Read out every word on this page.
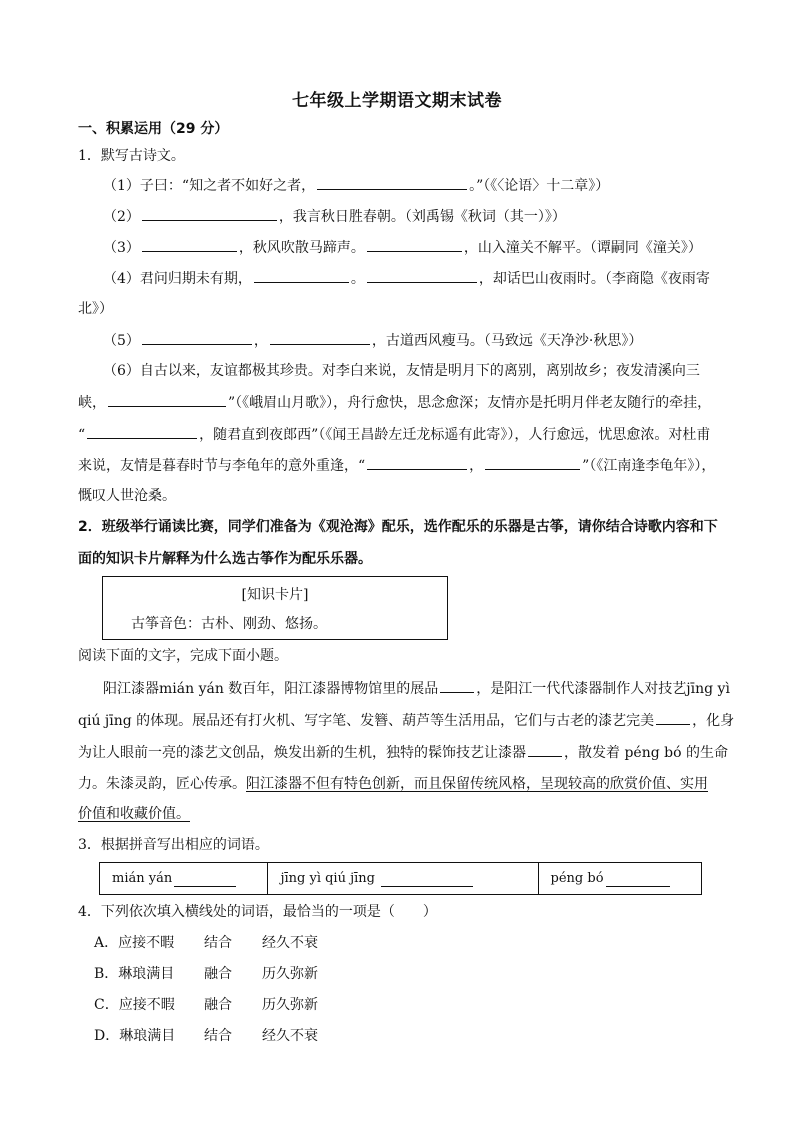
七年级上学期语文期末试卷
一、积累运用（29 分）
1．默写古诗文。
（1）子曰：“知之者不如好之者，	。”（《〈论语〉十二章》）
（2）	，我言秋日胜春朝。（刘禹锡《秋词（其一）》）
（3）	，秋风吹散马蹄声。	，山入潼关不解平。（谭嗣同《潼关》）
（4）君问归期未有期，	。	，却话巴山夜雨时。（李商隐《夜雨寄
北》）
（5）	，	，古道西风瘦马。（马致远《天净沙·秋思》）
（6）自古以来，友谊都极其珍贵。对李白来说，友情是明月下的离别，离别故乡；夜发清溪向三
峡，	”（《峨眉山月歌》），舟行愈快，思念愈深；友情亦是托明月伴老友随行的牵挂，
“	，随君直到夜郎西”（《闻王昌龄左迁龙标遥有此寄》），人行愈远，忧思愈浓。对杜甫
来说，友情是暮春时节与李龟年的意外重逢，“	，	”（《江南逢李龟年》），
慨叹人世沧桑。
2．班级举行诵读比赛，同学们准备为《观沧海》配乐，选作配乐的乐器是古筝，请你结合诗歌内容和下
面的知识卡片解释为什么选古筝作为配乐乐器。
[知识卡片]
古筝音色：古朴、刚劲、悠扬。
阅读下面的文字，完成下面小题。
阳江漆器mián yán 数百年，阳江漆器博物馆里的展品	，是阳江一代代漆器制作人对技艺jīng yì
qiú jīng 的体现。展品还有打火机、写字笔、发簪、葫芦等生活用品，它们与古老的漆艺完美	，化身
为让人眼前一亮的漆艺文创品，焕发出新的生机，独特的髹饰技艺让漆器	，散发着 péng bó 的生命
力。朱漆灵韵，匠心传承。阳江漆器不但有特色创新，而且保留传统风格，呈现较高的欣赏价值、实用
价值和收藏价值。
3．根据拼音写出相应的词语。
mián yán	jīng yì qiú jīng	péng bó
4．下列依次填入横线处的词语，最恰当的一项是（　　）
A．应接不暇 结合 经久不衰
B．琳琅满目 融合 历久弥新
C．应接不暇 融合 历久弥新
D．琳琅满目 结合 经久不衰
